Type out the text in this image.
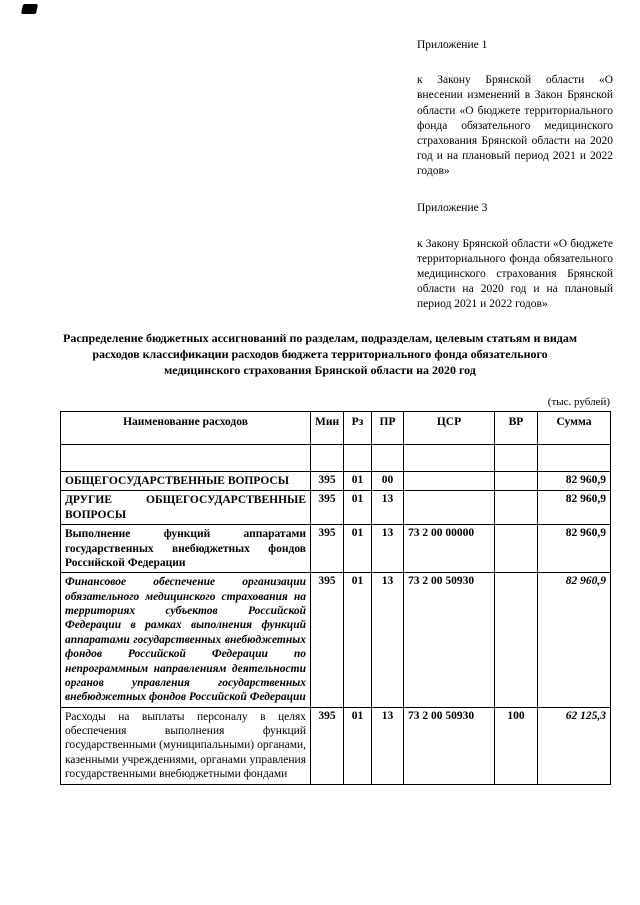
Приложение 1

к Закону Брянской области «О внесении изменений в Закон Брянской области «О бюджете территориального фонда обязательного медицинского страхования Брянской области на 2020 год и на плановый период 2021 и 2022 годов»

Приложение 3

к Закону Брянской области «О бюджете территориального фонда обязательного медицинского страхования Брянской области на 2020 год и на плановый период 2021 и 2022 годов»

Распределение бюджетных ассигнований по разделам, подразделам, целевым статьям и видам расходов классификации расходов бюджета территориального фонда обязательного медицинского страхования Брянской области на 2020 год
(тыс. рублей)
Наименование расходов	Мин	Рз	ПР	ЦСР	ВР	Сумма

ОБЩЕГОСУДАРСТВЕННЫЕ ВОПРОСЫ	395	01	00			82 960,9
ДРУГИЕ ОБЩЕГОСУДАРСТВЕННЫЕ ВОПРОСЫ	395	01	13			82 960,9
Выполнение функций аппаратами государственных внебюджетных фондов Российской Федерации	395	01	13	73 2 00 00000		82 960,9
Финансовое обеспечение организации обязательного медицинского страхования на территориях субъектов Российской Федерации в рамках выполнения функций аппаратами государственных внебюджетных фондов Российской Федерации по непрограммным направлениям деятельности органов управления государственных внебюджетных фондов Российской Федерации	395	01	13	73 2 00 50930		82 960,9
Расходы на выплаты персоналу в целях обеспечения выполнения функций государственными (муниципальными) органами, казенными учреждениями, органами управления государственными внебюджетными фондами	395	01	13	73 2 00 50930	100	62 125,3
